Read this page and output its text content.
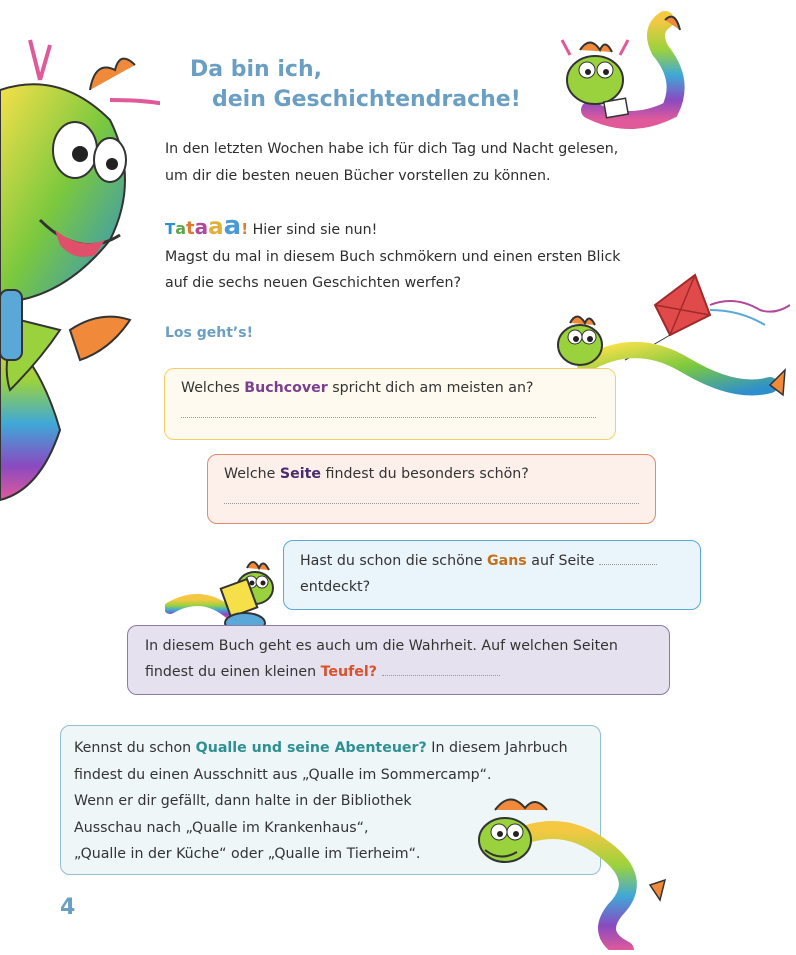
Da bin ich,
dein Geschichtendrache!
In den letzten Wochen habe ich für dich Tag und Nacht gelesen,
um dir die besten neuen Bücher vorstellen zu können.
Tataaa! Hier sind sie nun!
Magst du mal in diesem Buch schmökern und einen ersten Blick
auf die sechs neuen Geschichten werfen?
Los geht’s!
Welches Buchcover spricht dich am meisten an?
Welche Seite findest du besonders schön?
Hast du schon die schöne Gans auf Seite
entdeckt?
In diesem Buch geht es auch um die Wahrheit. Auf welchen Seiten
findest du einen kleinen Teufel?
Kennst du schon Qualle und seine Abenteuer? In diesem Jahrbuch
findest du einen Ausschnitt aus „Qualle im Sommercamp“.
Wenn er dir gefällt, dann halte in der Bibliothek
Ausschau nach „Qualle im Krankenhaus“,
„Qualle in der Küche“ oder „Qualle im Tierheim“.
4
